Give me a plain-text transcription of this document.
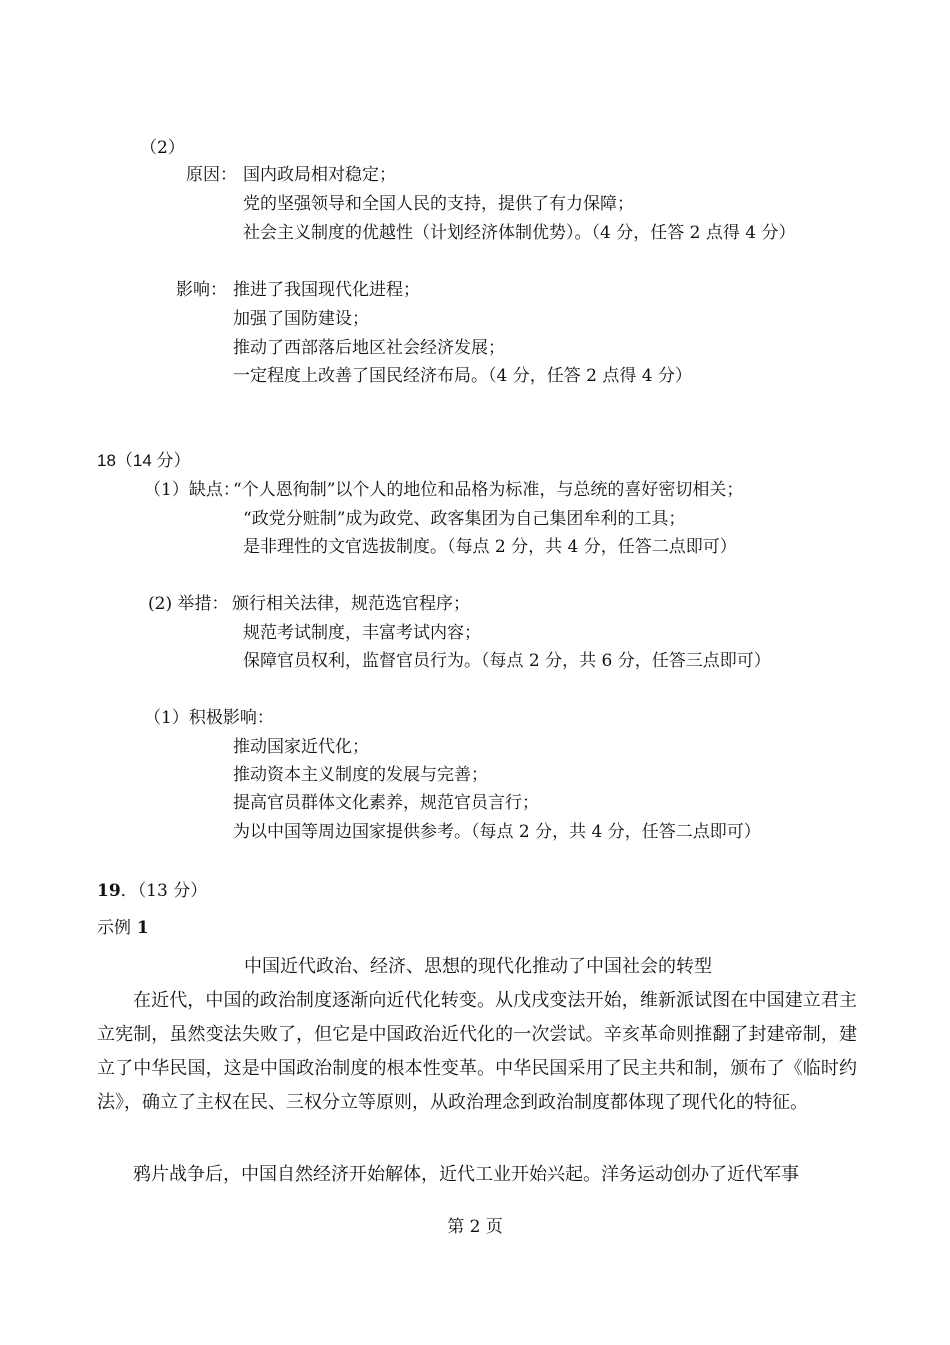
（2）
原因： 国内政局相对稳定；
党的坚强领导和全国人民的支持，提供了有力保障；
社会主义制度的优越性（计划经济体制优势）。（4 分，任答 2 点得 4 分）
影响： 推进了我国现代化进程；
加强了国防建设；
推动了西部落后地区社会经济发展；
一定程度上改善了国民经济布局。（4 分，任答 2 点得 4 分）
18（14 分）
（1）缺点：
“个人恩徇制”以个人的地位和品格为标准，与总统的喜好密切相关；
“政党分赃制”成为政党、政客集团为自己集团牟利的工具；
是非理性的文官选拔制度。（每点 2 分，共 4 分，任答二点即可）
(2) 举措： 颁行相关法律，规范选官程序；
规范考试制度，丰富考试内容；
保障官员权利，监督官员行为。（每点 2 分，共 6 分，任答三点即可）
（1）积极影响：
推动国家近代化；
推动资本主义制度的发展与完善；
提高官员群体文化素养，规范官员言行；
为以中国等周边国家提供参考。（每点 2 分，共 4 分，任答二点即可）
19．（13 分）
示例 1
中国近代政治、经济、思想的现代化推动了中国社会的转型
在近代，中国的政治制度逐渐向近代化转变。从戊戌变法开始，维新派试图在中国建立君主立宪制，虽然变法失败了，但它是中国政治近代化的一次尝试。辛亥革命则推翻了封建帝制，建立了中华民国，这是中国政治制度的根本性变革。中华民国采用了民主共和制，颁布了《临时约法》，确立了主权在民、三权分立等原则，从政治理念到政治制度都体现了现代化的特征。
鸦片战争后，中国自然经济开始解体，近代工业开始兴起。洋务运动创办了近代军事
第 2 页
